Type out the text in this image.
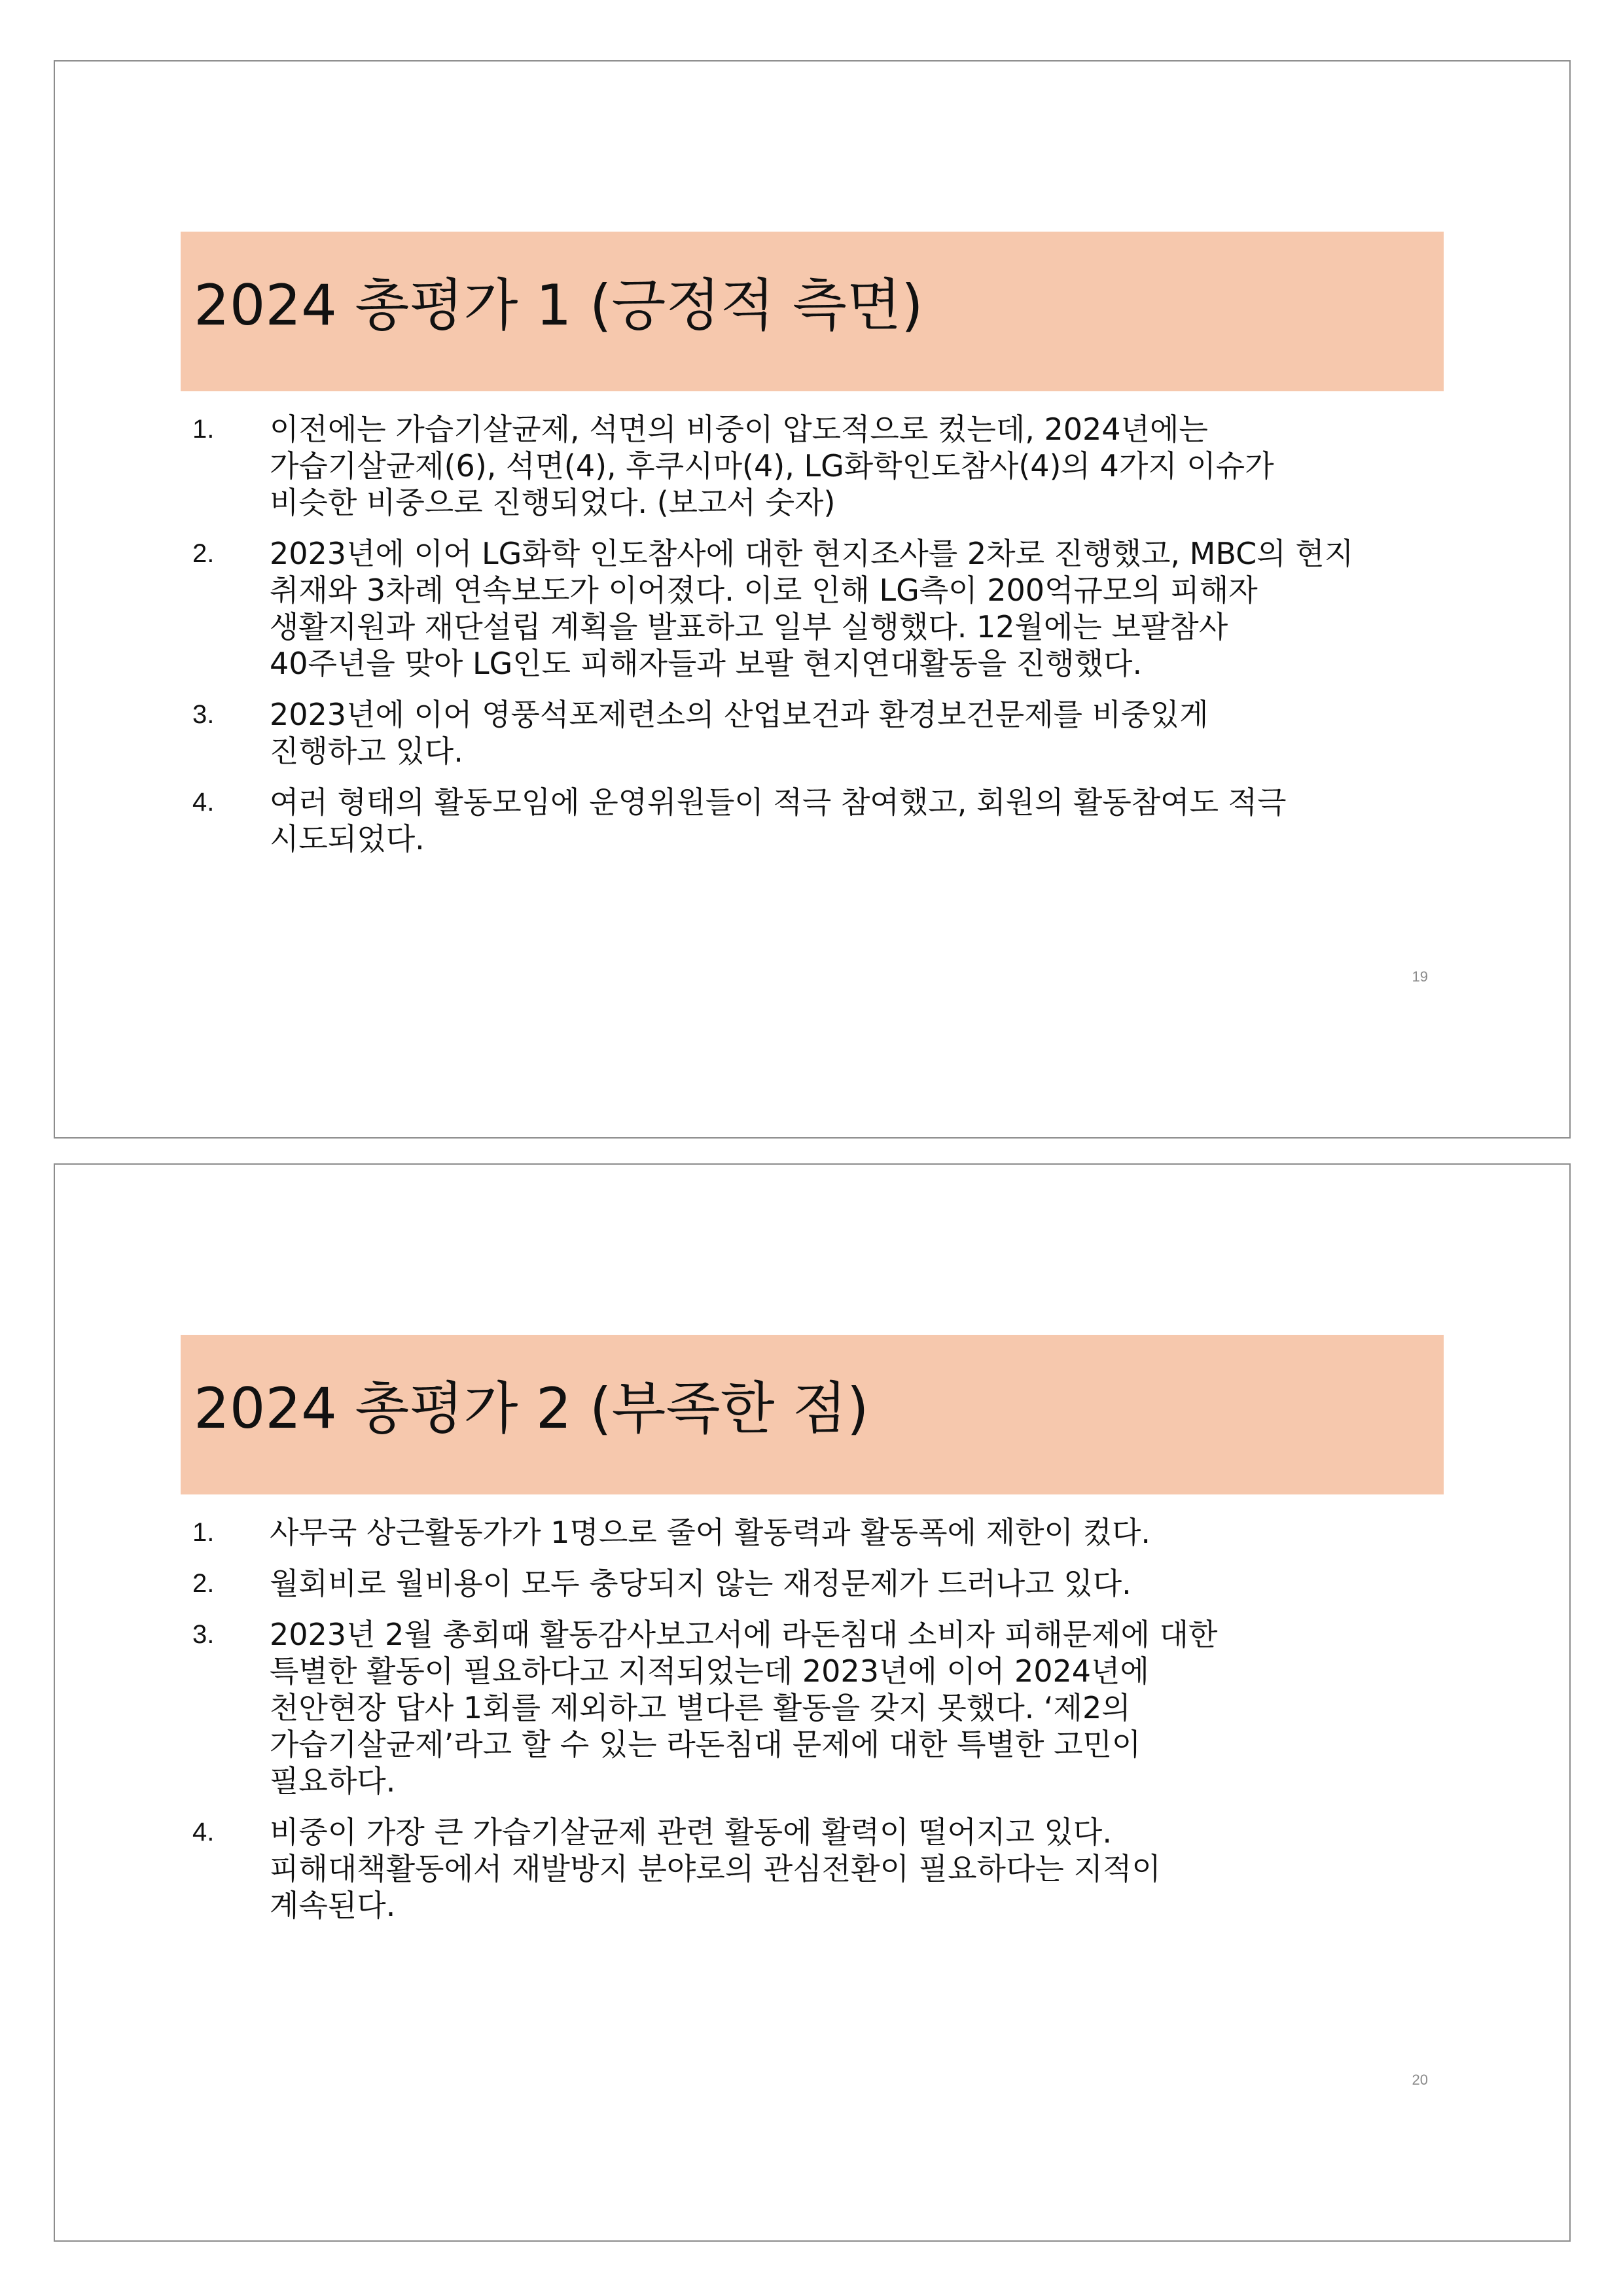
2024 총평가 1 (긍정적 측면)
1. 이전에는 가습기살균제, 석면의 비중이 압도적으로 컸는데, 2024년에는
가습기살균제(6), 석면(4), 후쿠시마(4), LG화학인도참사(4)의 4가지 이슈가
비슷한 비중으로 진행되었다. (보고서 숫자)
2. 2023년에 이어 LG화학 인도참사에 대한 현지조사를 2차로 진행했고, MBC의 현지
취재와 3차례 연속보도가 이어졌다. 이로 인해 LG측이 200억규모의 피해자
생활지원과 재단설립 계획을 발표하고 일부 실행했다. 12월에는 보팔참사
40주년을 맞아 LG인도 피해자들과 보팔 현지연대활동을 진행했다.
3. 2023년에 이어 영풍석포제련소의 산업보건과 환경보건문제를 비중있게
진행하고 있다.
4. 여러 형태의 활동모임에 운영위원들이 적극 참여했고, 회원의 활동참여도 적극
시도되었다.
19
2024 총평가 2 (부족한 점)
1. 사무국 상근활동가가 1명으로 줄어 활동력과 활동폭에 제한이 컸다.
2. 월회비로 월비용이 모두 충당되지 않는 재정문제가 드러나고 있다.
3. 2023년 2월 총회때 활동감사보고서에 라돈침대 소비자 피해문제에 대한
특별한 활동이 필요하다고 지적되었는데 2023년에 이어 2024년에
천안현장 답사 1회를 제외하고 별다른 활동을 갖지 못했다. ‘제2의
가습기살균제’라고 할 수 있는 라돈침대 문제에 대한 특별한 고민이
필요하다.
4. 비중이 가장 큰 가습기살균제 관련 활동에 활력이 떨어지고 있다.
피해대책활동에서 재발방지 분야로의 관심전환이 필요하다는 지적이
계속된다.
20
